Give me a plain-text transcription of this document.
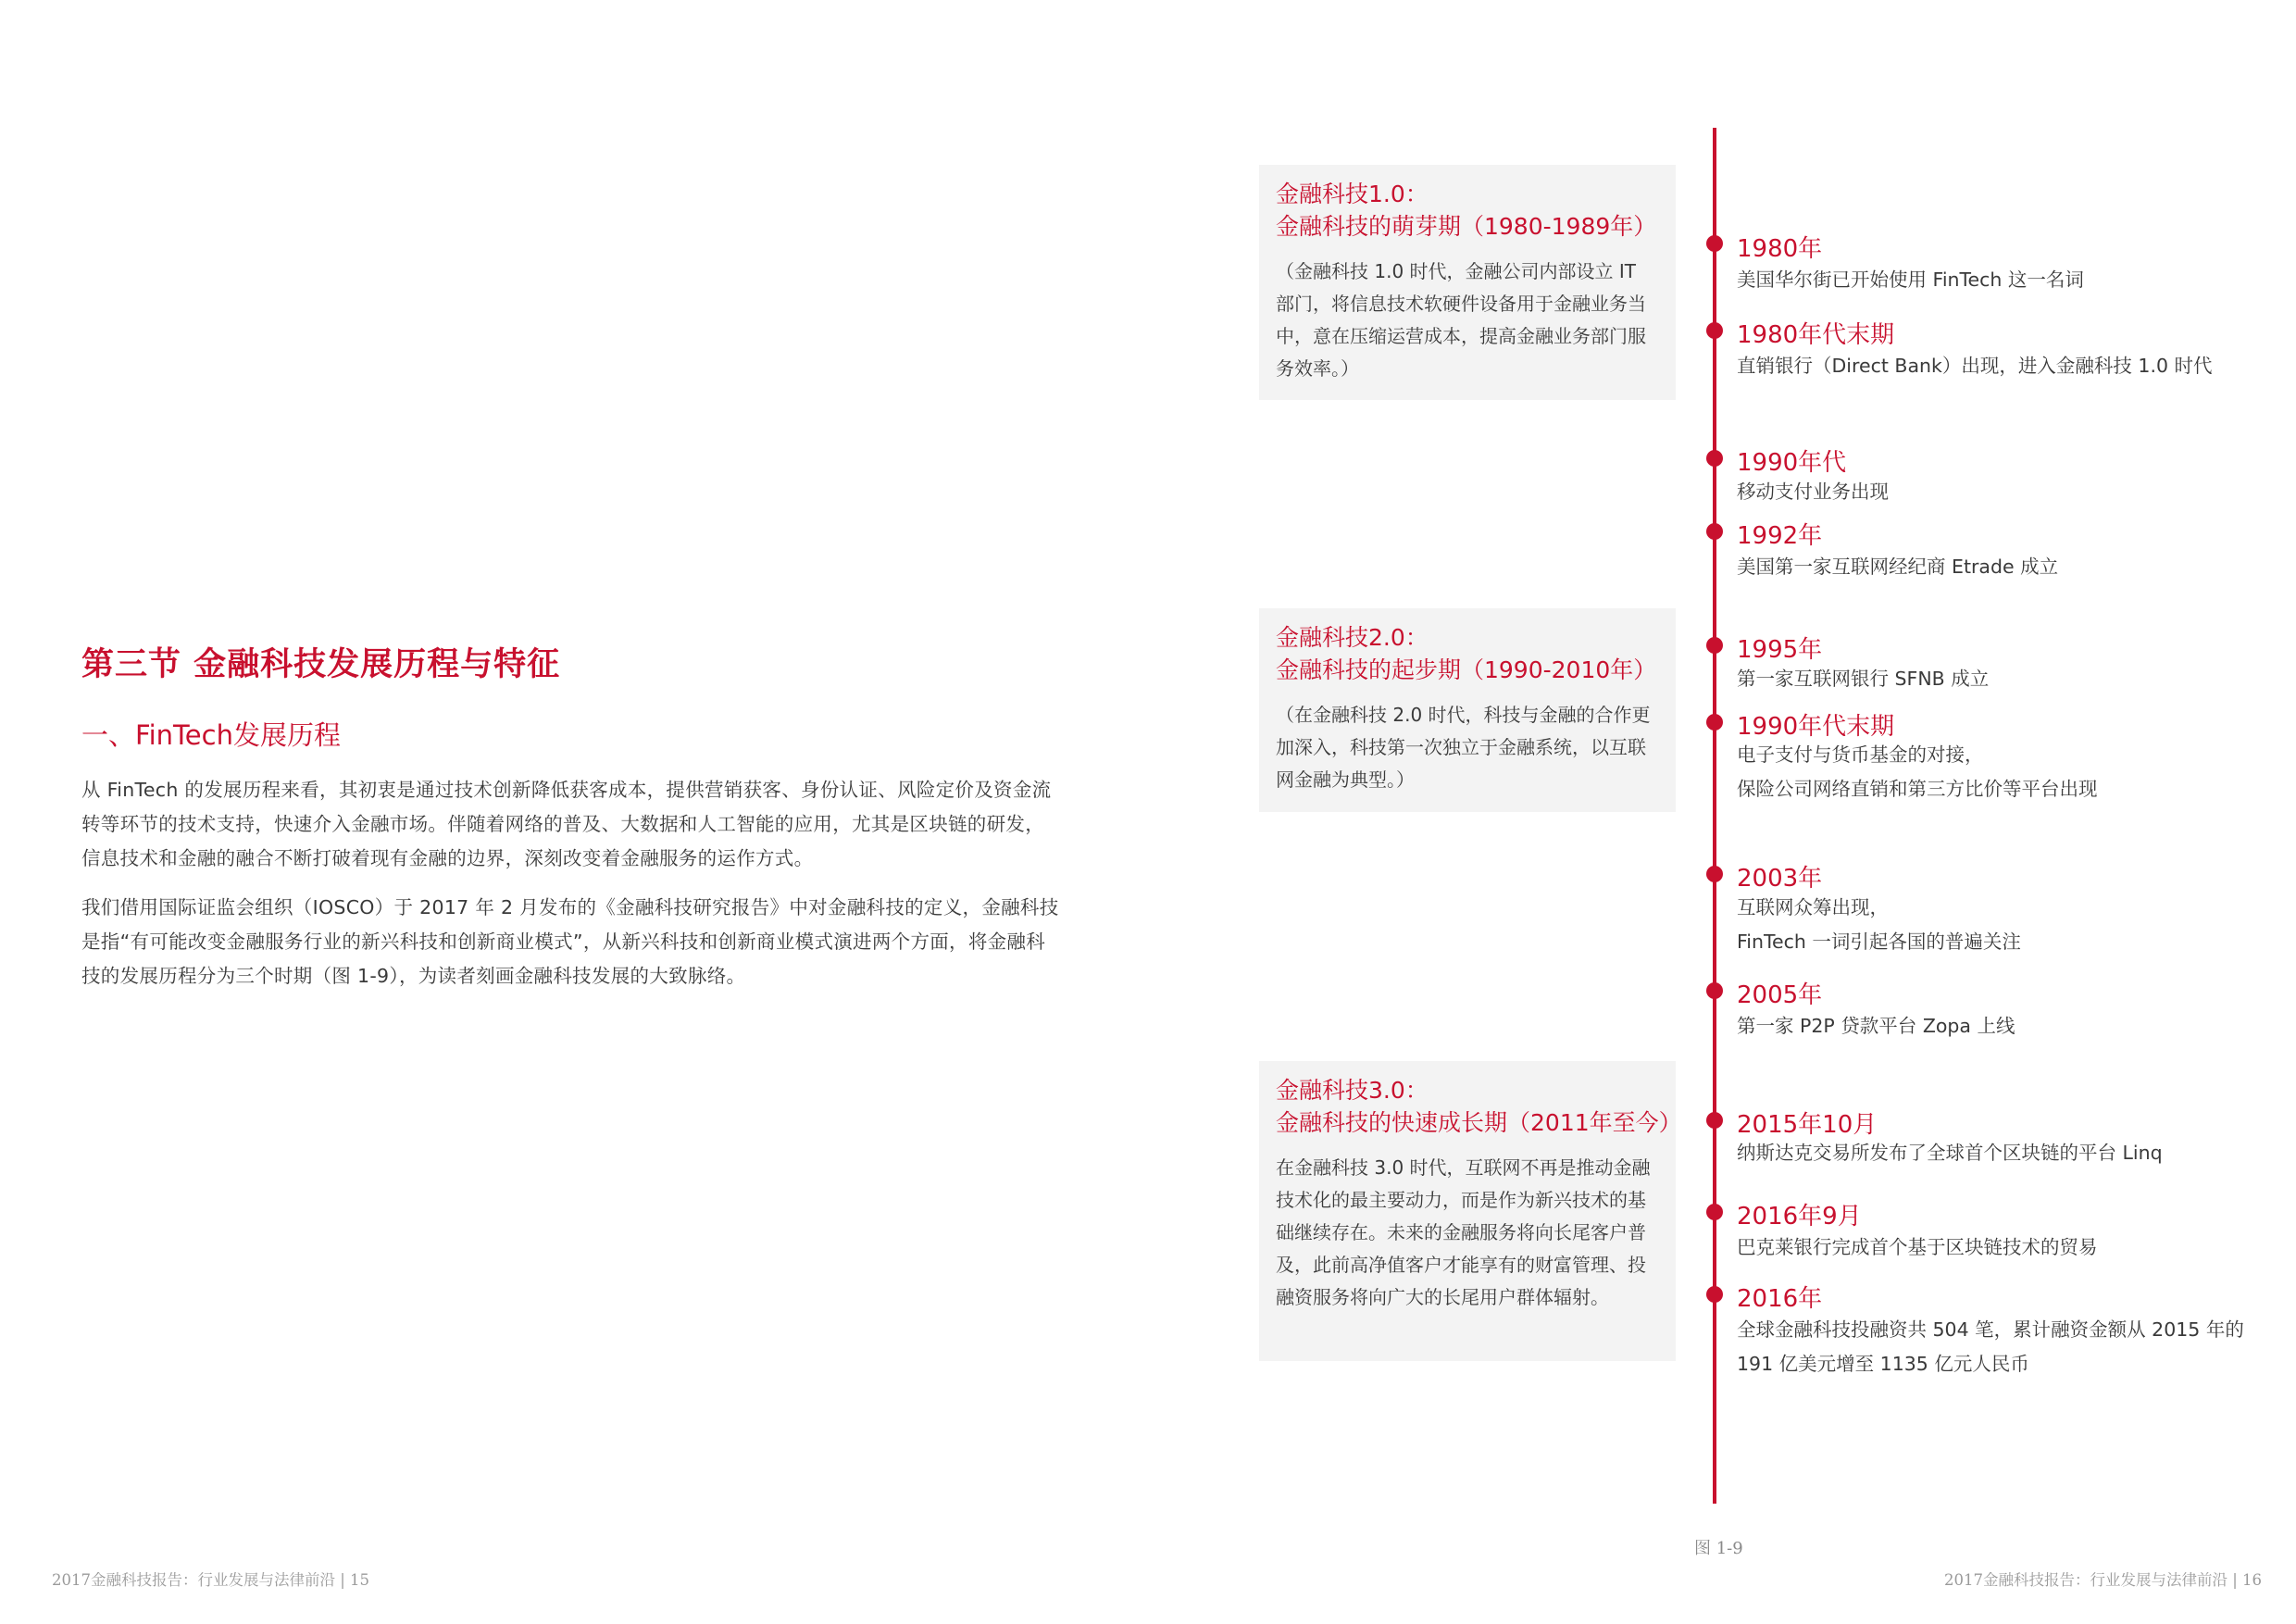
第三节 金融科技发展历程与特征
一、FinTech发展历程
从 FinTech 的发展历程来看，其初衷是通过技术创新降低获客成本，提供营销获客、身份认证、风险定价及资金流转等环节的技术支持，快速介入金融市场。伴随着网络的普及、大数据和人工智能的应用，尤其是区块链的研发，信息技术和金融的融合不断打破着现有金融的边界，深刻改变着金融服务的运作方式。
我们借用国际证监会组织（IOSCO）于 2017 年 2 月发布的《金融科技研究报告》中对金融科技的定义，金融科技是指“有可能改变金融服务行业的新兴科技和创新商业模式”，从新兴科技和创新商业模式演进两个方面，将金融科技的发展历程分为三个时期（图 1-9），为读者刻画金融科技发展的大致脉络。
金融科技1.0：
金融科技的萌芽期（1980-1989年）
（金融科技 1.0 时代，金融公司内部设立 IT 部门，将信息技术软硬件设备用于金融业务当中，意在压缩运营成本，提高金融业务部门服务效率。）
金融科技2.0：
金融科技的起步期（1990-2010年）
（在金融科技 2.0 时代，科技与金融的合作更加深入，科技第一次独立于金融系统，以互联网金融为典型。）
金融科技3.0：
金融科技的快速成长期（2011年至今）
在金融科技 3.0 时代，互联网不再是推动金融技术化的最主要动力，而是作为新兴技术的基础继续存在。未来的金融服务将向长尾客户普及，此前高净值客户才能享有的财富管理、投融资服务将向广大的长尾用户群体辐射。
1980年
美国华尔街已开始使用 FinTech 这一名词
1980年代末期
直销银行（Direct Bank）出现，进入金融科技 1.0 时代
1990年代
移动支付业务出现
1992年
美国第一家互联网经纪商 Etrade 成立
1995年
第一家互联网银行 SFNB 成立
1990年代末期
电子支付与货币基金的对接，
保险公司网络直销和第三方比价等平台出现
2003年
互联网众筹出现，
FinTech 一词引起各国的普遍关注
2005年
第一家 P2P 贷款平台 Zopa 上线
2015年10月
纳斯达克交易所发布了全球首个区块链的平台 Linq
2016年9月
巴克莱银行完成首个基于区块链技术的贸易
2016年
全球金融科技投融资共 504 笔，累计融资金额从 2015 年的 191 亿美元增至 1135 亿元人民币
图 1-9
2017金融科技报告：行业发展与法律前沿 | 15	2017金融科技报告：行业发展与法律前沿 | 16
